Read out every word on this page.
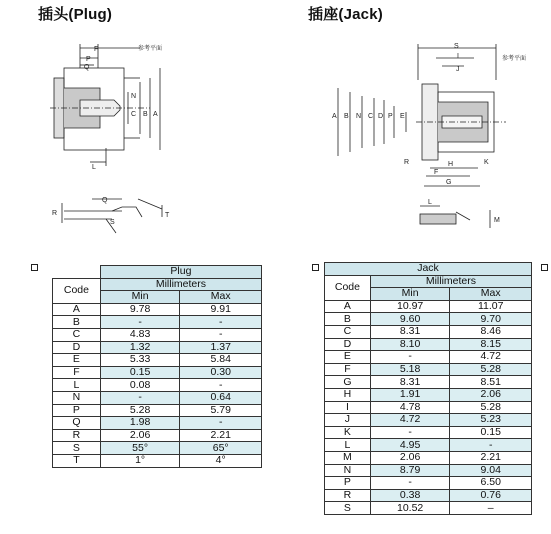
插头(Plug)	插座(Jack)
F
P
Q
参考平面
N
C B A
L
R
S
Q
T
S
I
J
参考平面
A B N C D P E
R	H
F
G
K
L
M
	Plug	
Code	Millimeters	
	Min	Max
A	9.78	9.91
B	-	-
C	4.83	-
D	1.32	1.37
E	5.33	5.84
F	0.15	0.30
L	0.08	-
N	-	0.64
P	5.28	5.79
Q	1.98	-
R	2.06	2.21
S	55°	65°
T	1°	4°
Jack		
Code	Millimeters	
	Min	Max
A	10.97	11.07
B	9.60	9.70
C	8.31	8.46
D	8.10	8.15
E	-	4.72
F	5.18	5.28
G	8.31	8.51
H	1.91	2.06
I	4.78	5.28
J	4.72	5.23
K	-	0.15
L	4.95	-
M	2.06	2.21
N	8.79	9.04
P	-	6.50
R	0.38	0.76
S	10.52	–
